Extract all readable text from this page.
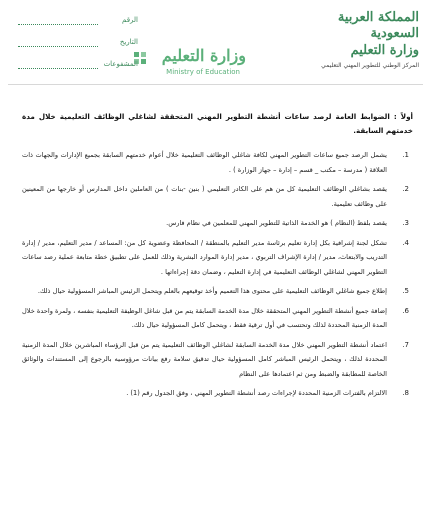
المملكة العربية السعودية
وزارة التعليم
المركز الوطني للتطوير المهني التعليمي
وزارة التعليم
Ministry of Education
الرقم
التاريخ
المشفوعات
أولاً : الضوابط العامة لرصد ساعات أنشطة التطوير المهني المتحققة لشاغلي الوظائف التعليمية خلال مدة خدمتهم السابقة.
1.
يشمل الرصد جميع ساعات التطوير المهني لكافة شاغلي الوظائف التعليمية خلال أعوام خدمتهم السابقة بجميع الإدارات والجهات ذات العلاقة ( مدرسة – مكتب _ قسم – إدارة – جهاز الوزارة ) .
2.
يقصد بشاغلي الوظائف التعليمية كل من هم على الكادر التعليمي ( بنين -بنات ) من العاملين داخل المدارس أو خارجها من المعينين على وظائف تعليمية.
3.
يقصد بلفظ (النظام ) هو الخدمة الذاتية للتطوير المهني للمعلمين في نظام فارس.
4.
تشكل لجنة إشرافية بكل إدارة تعليم برئاسة مدير التعليم بالمنطقة / المحافظة وعضوية كل من: المساعد / مدير التعليم، مدير / إدارة التدريب والابتعاث، مدير / إدارة الإشراف التربوي ، مدير إدارة الموارد البشرية وذلك للعمل على تطبيق خطة متابعة عملية رصد ساعات التطوير المهني لشاغلي الوظائف التعليمية في إدارة التعليم ، وضمان دقة إجراءاتها .
5.
إطلاع جميع شاغلي الوظائف التعليمية على محتوى هذا التعميم وأخذ توقيعهم بالعلم ويتحمل الرئيس المباشر المسؤولية حيال ذلك.
6.
إضافة جميع أنشطة التطوير المهني المتحققة خلال مدة الخدمة السابقة يتم من قبل شاغل الوظيفة التعليمية بنفسه ، ولمرة واحدة خلال المدة الزمنية المحددة لذلك وتحتسب في أول ترقية فقط ، ويتحمل كامل المسؤولية حيال ذلك.
7.
اعتماد أنشطة التطوير المهني خلال مدة الخدمة السابقة لشاغلي الوظائف التعليمية يتم من قبل الرؤساء المباشرين خلال المدة الزمنية المحددة لذلك ، ويتحمل الرئيس المباشر كامل المسؤولية حيال تدقيق سلامة رفع بيانات مرؤوسيه بالرجوع إلى المستندات والوثائق الخاصة للمطابقة والضبط ومن ثم اعتمادها على النظام
8.
الالتزام بالفترات الزمنية المحددة لإجراءات رصد أنشطة التطوير المهني ، وفق الجدول رقم (1) .
